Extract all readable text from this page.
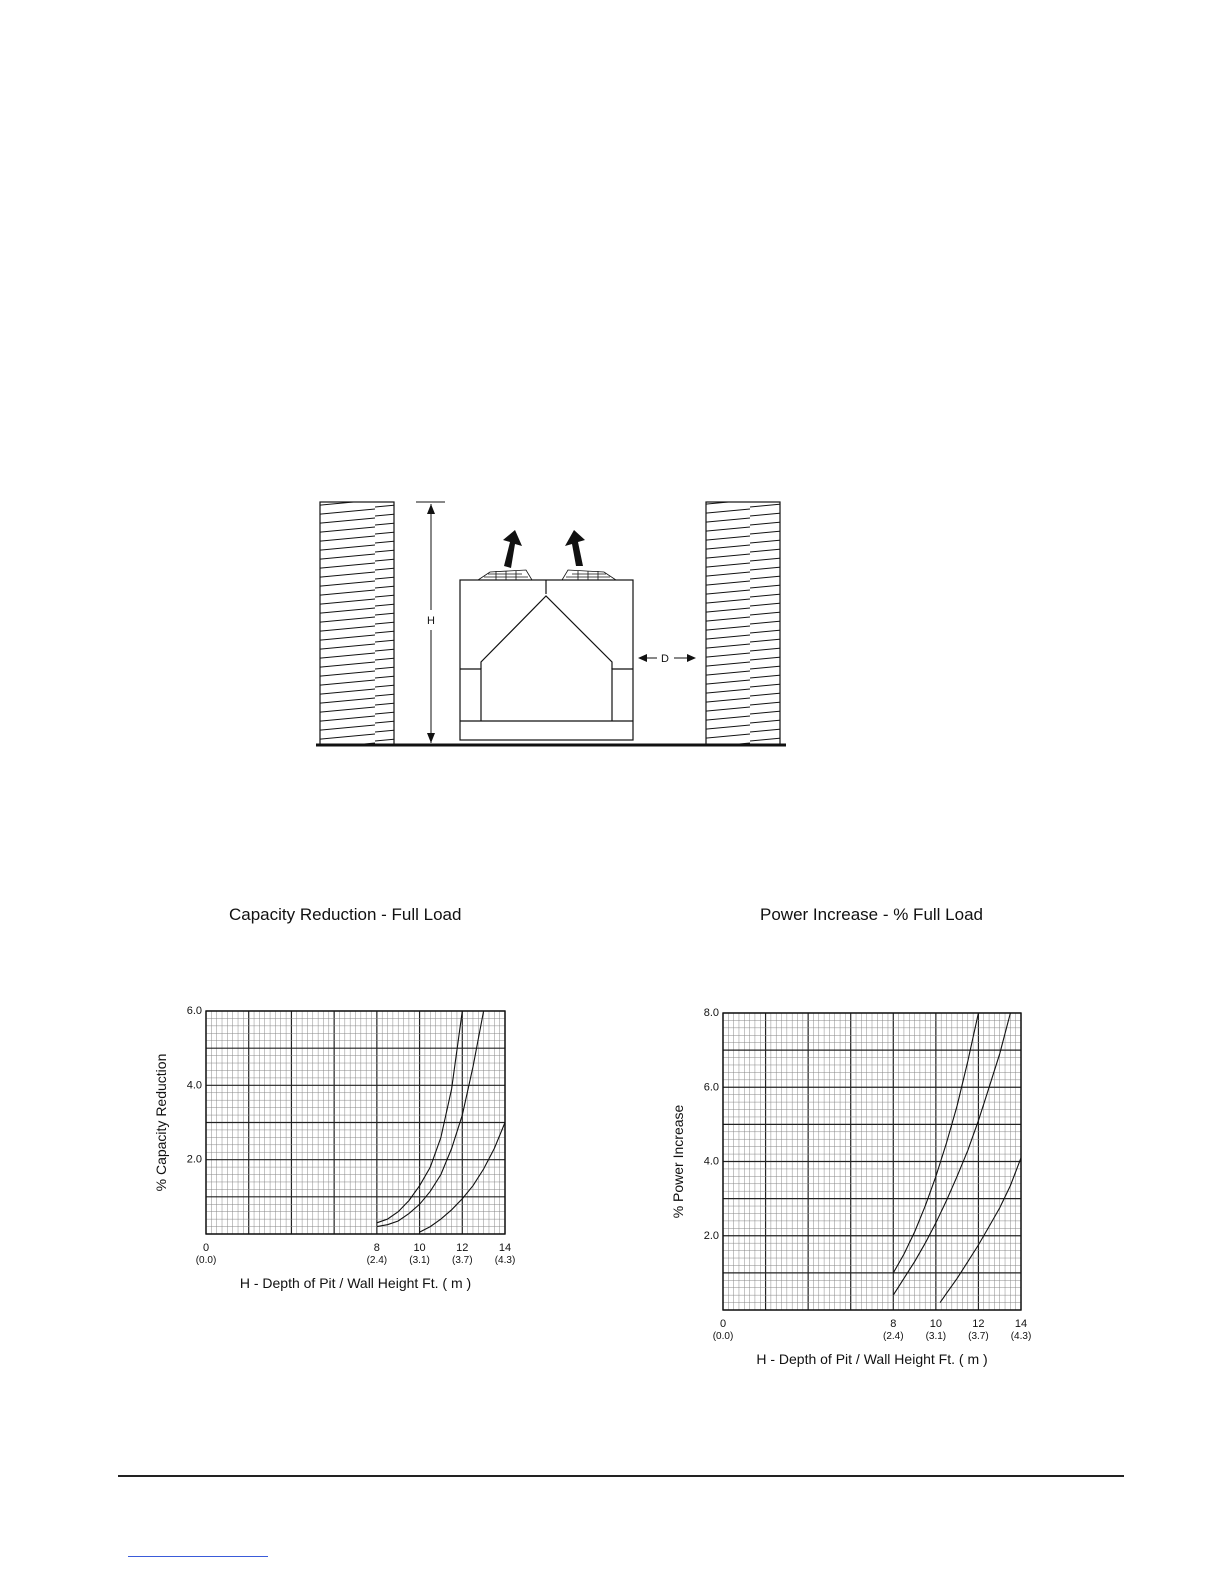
H
D
Capacity Reduction - Full Load	Power Increase - % Full Load
2.0
4.0
6.0
0
(0.0)
8
(2.4)
10
(3.1)
12
(3.7)
14
(4.3)
H - Depth of Pit / Wall Height Ft. ( m )
% Capacity Reduction
2.0
4.0
6.0
8.0
0
(0.0)
8
(2.4)
10
(3.1)
12
(3.7)
14
(4.3)
H - Depth of Pit / Wall Height Ft. ( m )
% Power Increase
